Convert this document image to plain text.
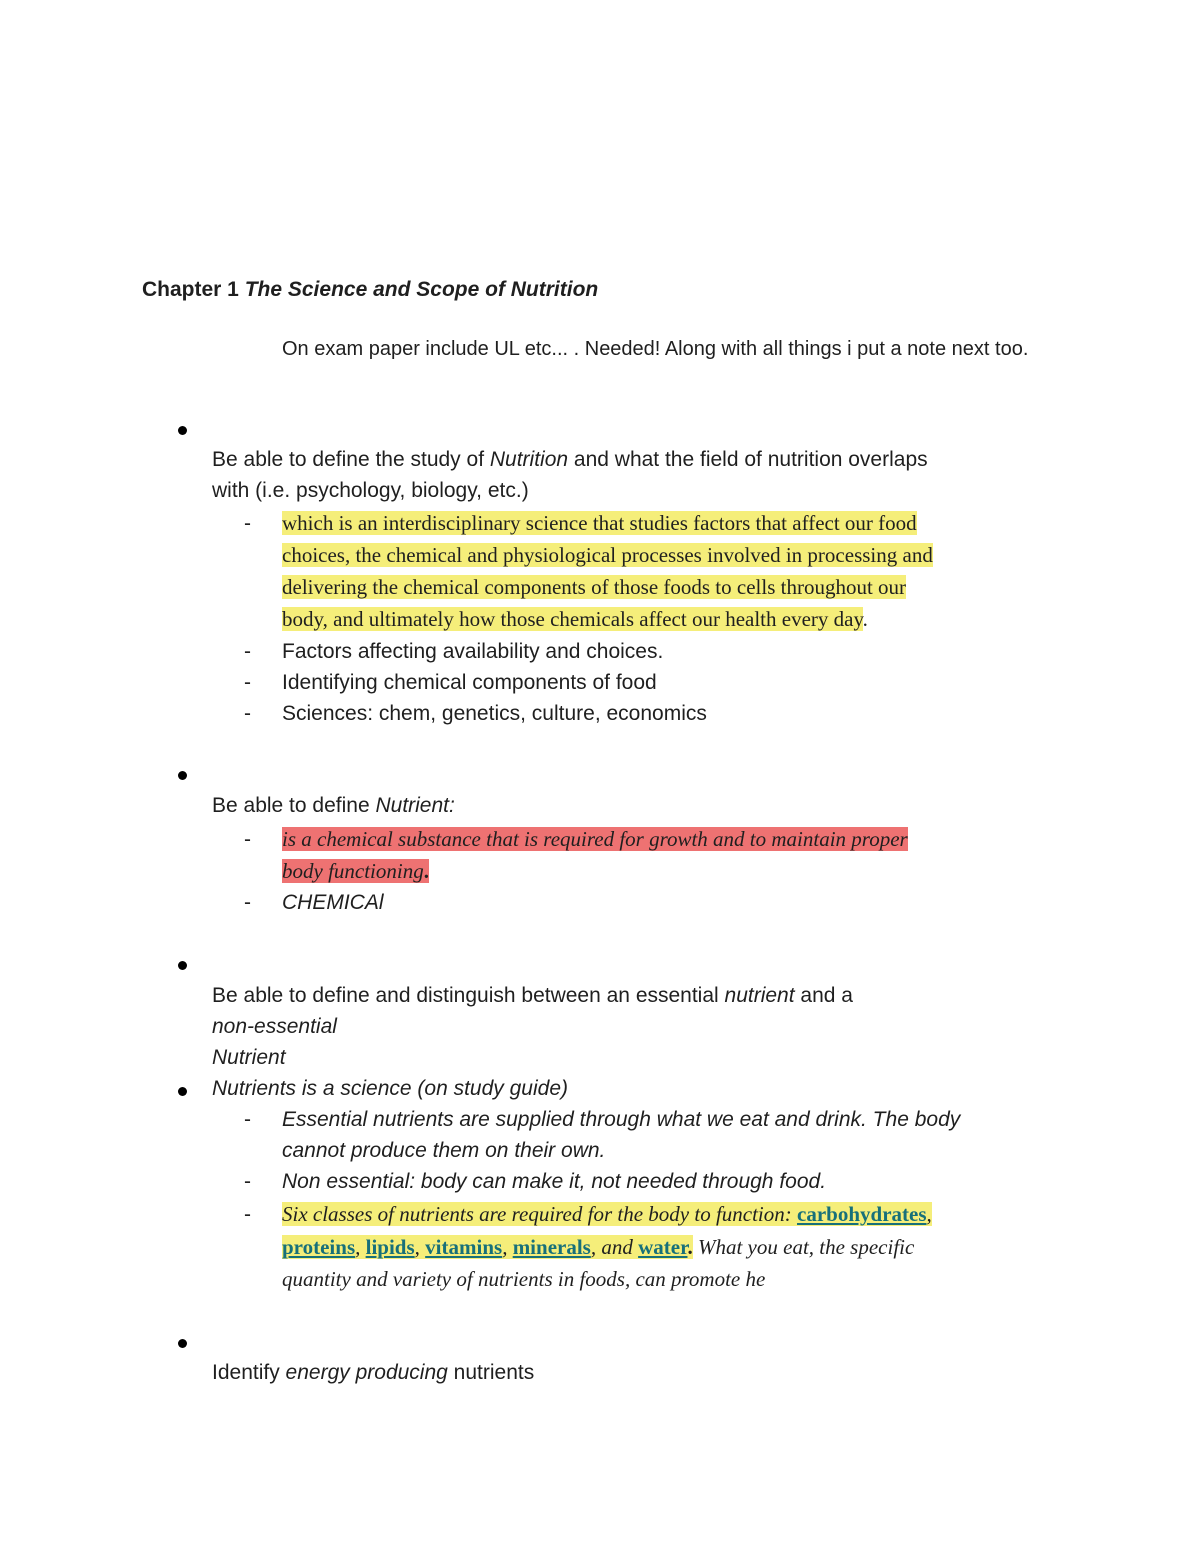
Chapter 1 The Science and Scope of Nutrition

On exam paper include UL etc... . Needed! Along with all things i put a note next too.

Be able to define the study of Nutrition and what the field of nutrition overlaps
with (i.e. psychology, biology, etc.)
- which is an interdisciplinary science that studies factors that affect our food
choices, the chemical and physiological processes involved in processing and
delivering the chemical components of those foods to cells throughout our
body, and ultimately how those chemicals affect our health every day.
- Factors affecting availability and choices.
- Identifying chemical components of food
- Sciences: chem, genetics, culture, economics
Be able to define Nutrient:
- is a chemical substance that is required for growth and to maintain proper
body functioning.
- CHEMICAl
Be able to define and distinguish between an essential nutrient and a
non-essential
Nutrient
Nutrients is a science (on study guide)
- Essential nutrients are supplied through what we eat and drink. The body
cannot produce them on their own.
- Non essential: body can make it, not needed through food.
- Six classes of nutrients are required for the body to function: carbohydrates,
proteins, lipids, vitamins, minerals, and water. What you eat, the specific
quantity and variety of nutrients in foods, can promote he
Identify energy producing nutrients
